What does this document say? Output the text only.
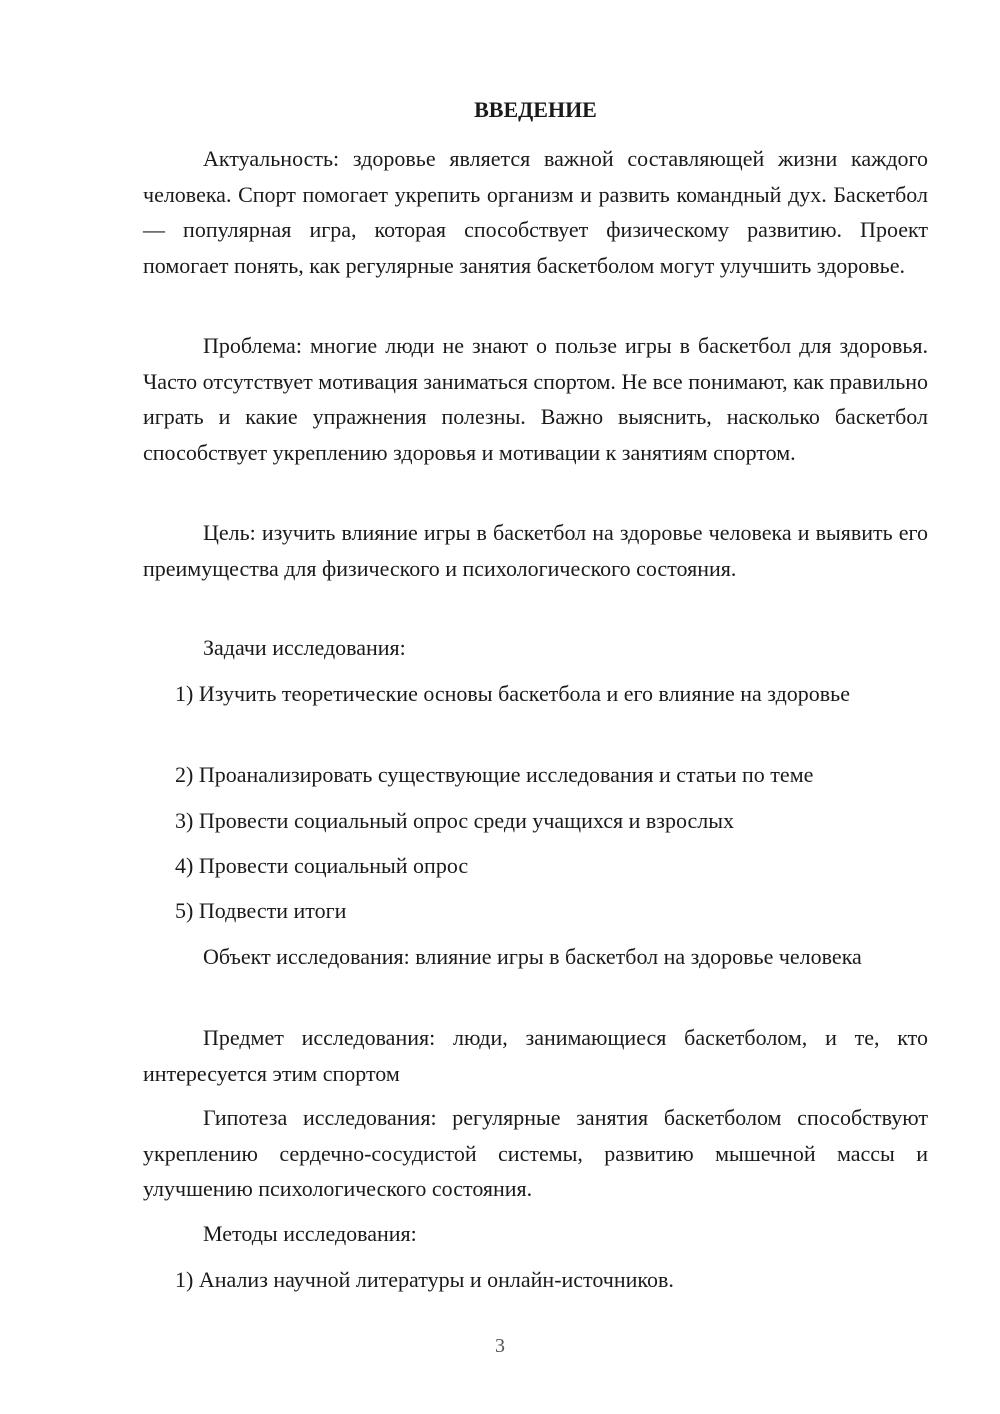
ВВЕДЕНИЕ

Актуальность: здоровье является важной составляющей жизни каждого человека. Спорт помогает укрепить организм и развить командный дух. Баскетбол — популярная игра, которая способствует физическому развитию. Проект помогает понять, как регулярные занятия баскетболом могут улучшить здоровье.

Проблема: многие люди не знают о пользе игры в баскетбол для здоровья. Часто отсутствует мотивация заниматься спортом. Не все понимают, как правильно играть и какие упражнения полезны. Важно выяснить, насколько баскетбол способствует укреплению здоровья и мотивации к занятиям спортом.

Цель: изучить влияние игры в баскетбол на здоровье человека и выявить его преимущества для физического и психологического состояния.

Задачи исследования:

1) Изучить теоретические основы баскетбола и его влияние на здоровье

2) Проанализировать существующие исследования и статьи по теме

3) Провести социальный опрос среди учащихся и взрослых

4) Провести социальный опрос

5) Подвести итоги

Объект исследования: влияние игры в баскетбол на здоровье человека

Предмет исследования: люди, занимающиеся баскетболом, и те, кто интересуется этим спортом

Гипотеза исследования: регулярные занятия баскетболом способствуют укреплению сердечно-сосудистой системы, развитию мышечной массы и улучшению психологического состояния.

Методы исследования:

1) Анализ научной литературы и онлайн-источников.

3
